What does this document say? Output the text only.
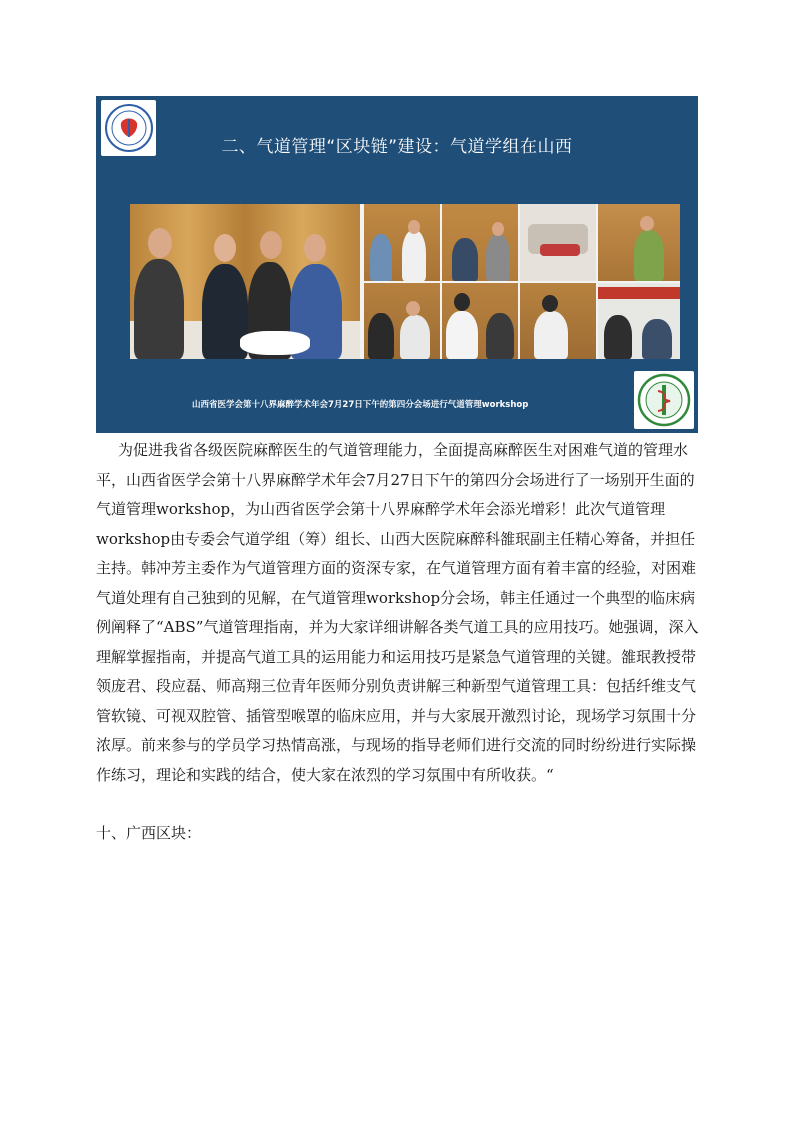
二、气道管理“区块链”建设：气道学组在山西
山西省医学会第十八界麻醉学术年会7月27日下午的第四分会场进行气道管理workshop

为促进我省各级医院麻醉医生的气道管理能力，全面提高麻醉医生对困难气道的管理水平，山西省医学会第十八界麻醉学术年会7月27日下午的第四分会场进行了一场别开生面的气道管理workshop，为山西省医学会第十八界麻醉学术年会添光增彩！此次气道管理workshop由专委会气道学组（筹）组长、山西大医院麻醉科雒珉副主任精心筹备，并担任主持。韩冲芳主委作为气道管理方面的资深专家，在气道管理方面有着丰富的经验，对困难气道处理有自己独到的见解，在气道管理workshop分会场，韩主任通过一个典型的临床病例阐释了“ABS”气道管理指南，并为大家详细讲解各类气道工具的应用技巧。她强调，深入理解掌握指南，并提高气道工具的运用能力和运用技巧是紧急气道管理的关键。雒珉教授带领庞君、段应磊、师高翔三位青年医师分别负责讲解三种新型气道管理工具：包括纤维支气管软镜、可视双腔管、插管型喉罩的临床应用，并与大家展开激烈讨论，现场学习氛围十分浓厚。前来参与的学员学习热情高涨，与现场的指导老师们进行交流的同时纷纷进行实际操作练习，理论和实践的结合，使大家在浓烈的学习氛围中有所收获。“

十、广西区块：
